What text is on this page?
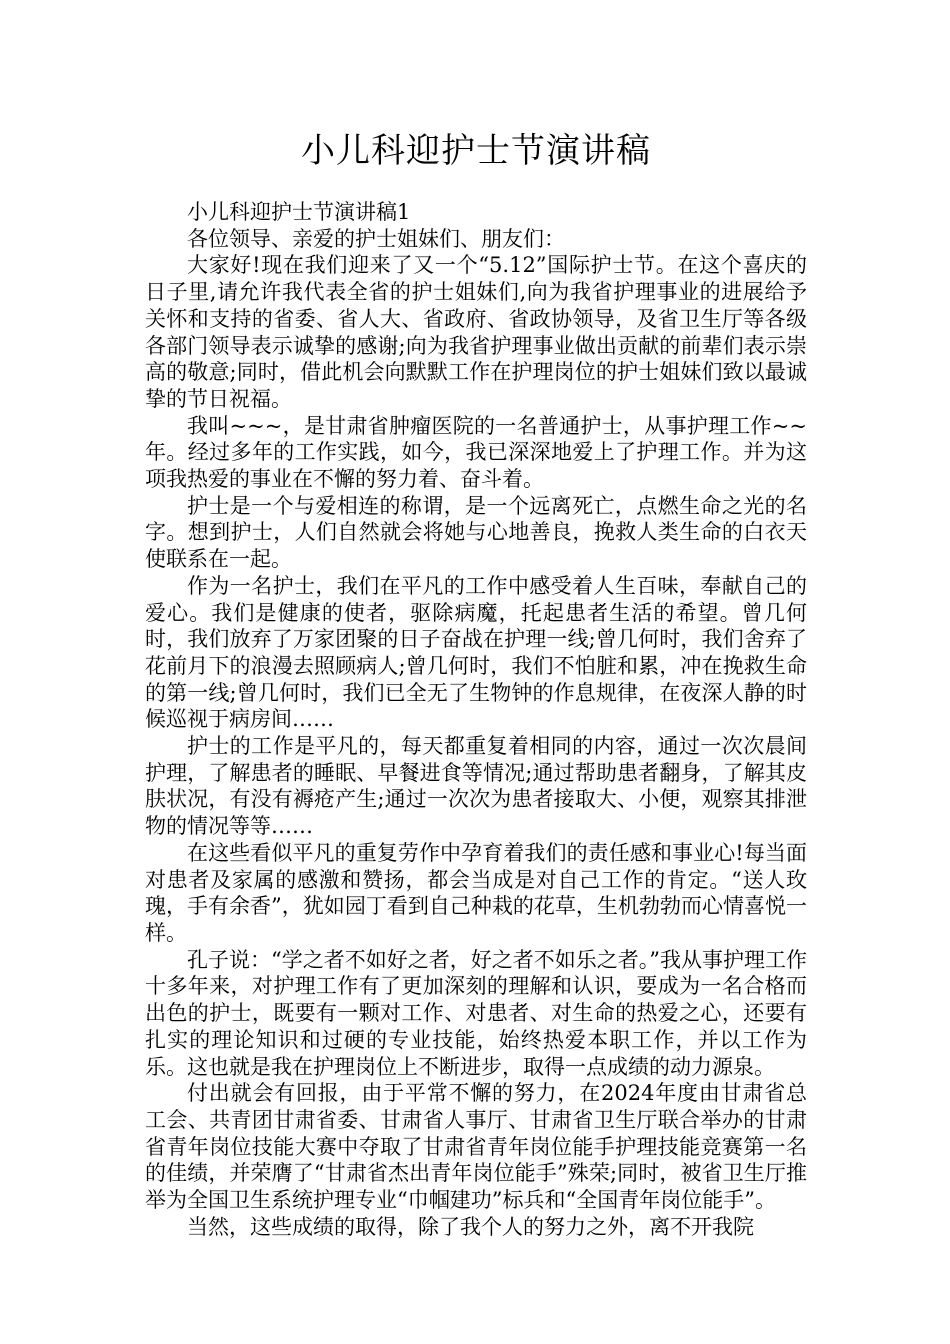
小儿科迎护士节演讲稿

小儿科迎护士节演讲稿1

各位领导、亲爱的护士姐妹们、朋友们：

大家好!现在我们迎来了又一个“5.12”国际护士节。在这个喜庆的日子里,请允许我代表全省的护士姐妹们,向为我省护理事业的进展给予关怀和支持的省委、省人大、省政府、省政协领导，及省卫生厅等各级各部门领导表示诚挚的感谢;向为我省护理事业做出贡献的前辈们表示崇高的敬意;同时，借此机会向默默工作在护理岗位的护士姐妹们致以最诚挚的节日祝福。

我叫~~~，是甘肃省肿瘤医院的一名普通护士，从事护理工作~~年。经过多年的工作实践，如今，我已深深地爱上了护理工作。并为这项我热爱的事业在不懈的努力着、奋斗着。

护士是一个与爱相连的称谓，是一个远离死亡，点燃生命之光的名字。想到护士，人们自然就会将她与心地善良，挽救人类生命的白衣天使联系在一起。

作为一名护士，我们在平凡的工作中感受着人生百味，奉献自己的爱心。我们是健康的使者，驱除病魔，托起患者生活的希望。曾几何时，我们放弃了万家团聚的日子奋战在护理一线;曾几何时，我们舍弃了花前月下的浪漫去照顾病人;曾几何时，我们不怕脏和累，冲在挽救生命的第一线;曾几何时，我们已全无了生物钟的作息规律，在夜深人静的时候巡视于病房间……

护士的工作是平凡的，每天都重复着相同的内容，通过一次次晨间护理，了解患者的睡眠、早餐进食等情况;通过帮助患者翻身，了解其皮肤状况，有没有褥疮产生;通过一次次为患者接取大、小便，观察其排泄物的情况等等……

在这些看似平凡的重复劳作中孕育着我们的责任感和事业心!每当面对患者及家属的感激和赞扬，都会当成是对自己工作的肯定。“送人玫瑰，手有余香”，犹如园丁看到自己种栽的花草，生机勃勃而心情喜悦一样。

孔子说：“学之者不如好之者，好之者不如乐之者。”我从事护理工作十多年来，对护理工作有了更加深刻的理解和认识，要成为一名合格而出色的护士，既要有一颗对工作、对患者、对生命的热爱之心，还要有扎实的理论知识和过硬的专业技能，始终热爱本职工作，并以工作为乐。这也就是我在护理岗位上不断进步，取得一点成绩的动力源泉。

付出就会有回报，由于平常不懈的努力，在2024年度由甘肃省总工会、共青团甘肃省委、甘肃省人事厅、甘肃省卫生厅联合举办的甘肃省青年岗位技能大赛中夺取了甘肃省青年岗位能手护理技能竞赛第一名的佳绩，并荣膺了“甘肃省杰出青年岗位能手”殊荣;同时，被省卫生厅推举为全国卫生系统护理专业“巾帼建功”标兵和“全国青年岗位能手”。

当然，这些成绩的取得，除了我个人的努力之外，离不开我院
